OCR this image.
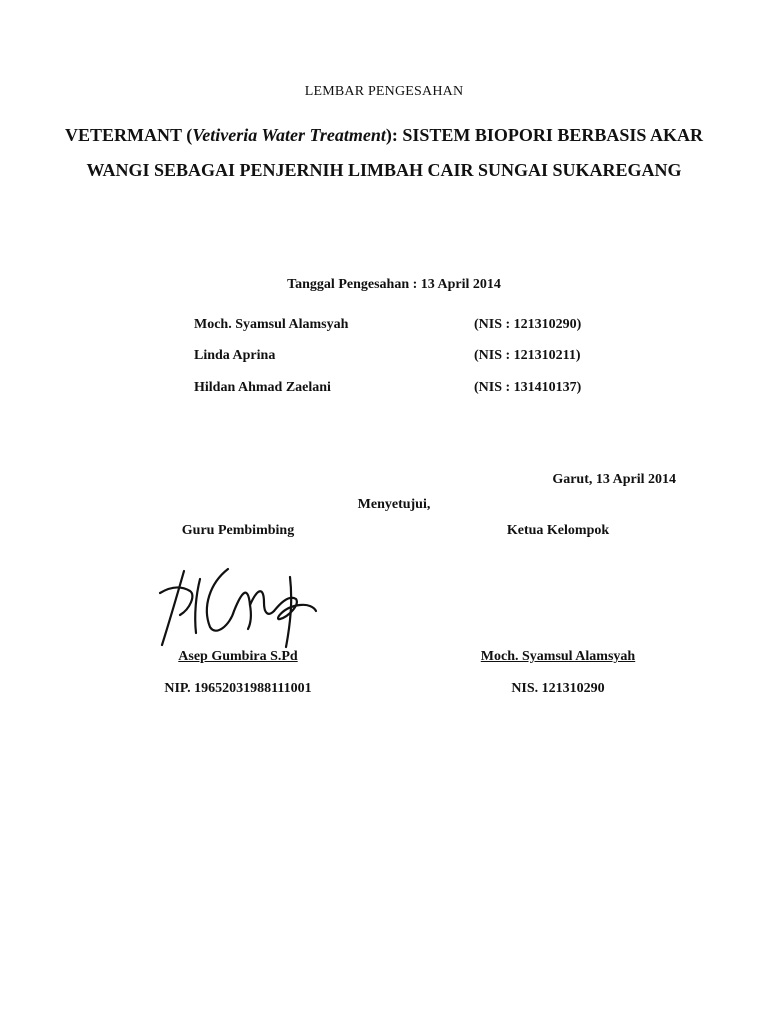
LEMBAR PENGESAHAN
VETERMANT (Vetiveria Water Treatment): SISTEM BIOPORI BERBASIS AKAR WANGI SEBAGAI PENJERNIH LIMBAH CAIR SUNGAI SUKAREGANG
Tanggal Pengesahan : 13 April 2014
Moch. Syamsul Alamsyah	(NIS : 121310290)
Linda Aprina	(NIS : 121310211)
Hildan Ahmad Zaelani	(NIS : 131410137)
Garut, 13 April 2014
Menyetujui,
Guru Pembimbing	Ketua Kelompok
Asep Gumbira S.Pd	Moch. Syamsul Alamsyah
NIP. 19652031988111001	NIS. 121310290
